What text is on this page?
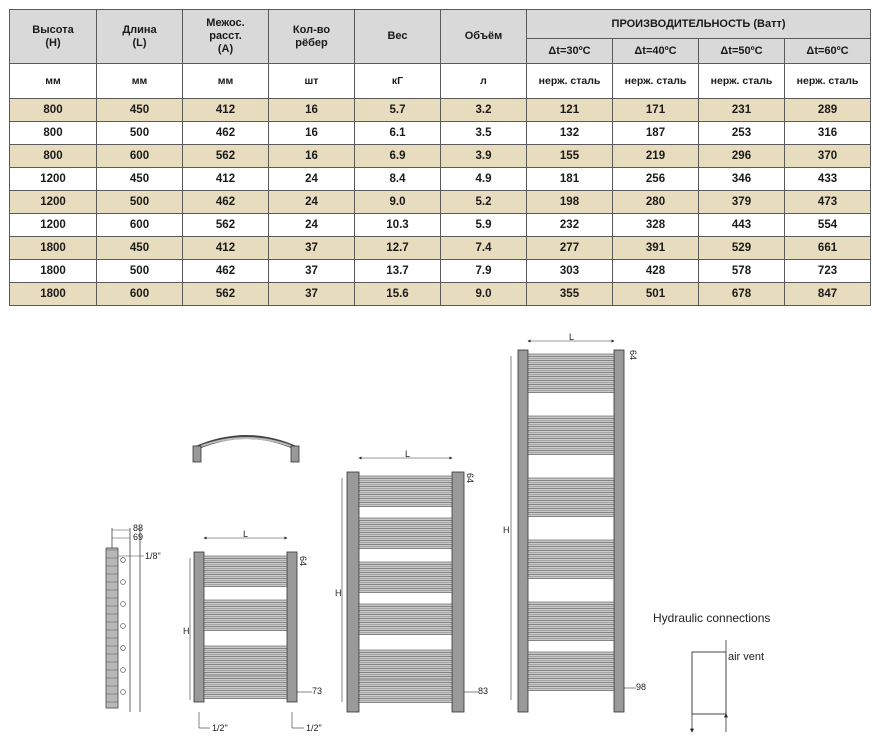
Высота
(H)	Длина
(L)	Межос.
расст.
(A)	Кол-во
рёбер	Вес	Объём	ПРОИЗВОДИТЕЛЬНОСТЬ (Ватт)			
						Δt=30ºC	Δt=40ºC	Δt=50ºC	Δt=60ºC
мм	мм	мм	шт	кГ	л	нерж. сталь	нерж. сталь	нерж. сталь	нерж. сталь
800	450	412	16	5.7	3.2	121	171	231	289
800	500	462	16	6.1	3.5	132	187	253	316
800	600	562	16	6.9	3.9	155	219	296	370
1200	450	412	24	8.4	4.9	181	256	346	433
1200	500	462	24	9.0	5.2	198	280	379	473
1200	600	562	24	10.3	5.9	232	328	443	554
1800	450	412	37	12.7	7.4	277	391	529	661
1800	500	462	37	13.7	7.9	303	428	578	723
1800	600	562	37	15.6	9.0	355	501	678	847
88
69
1/8"
L
H
64
73
1/2"	1/2"
L
H
64
83
L
H
64
98
Hydraulic connections
air vent
